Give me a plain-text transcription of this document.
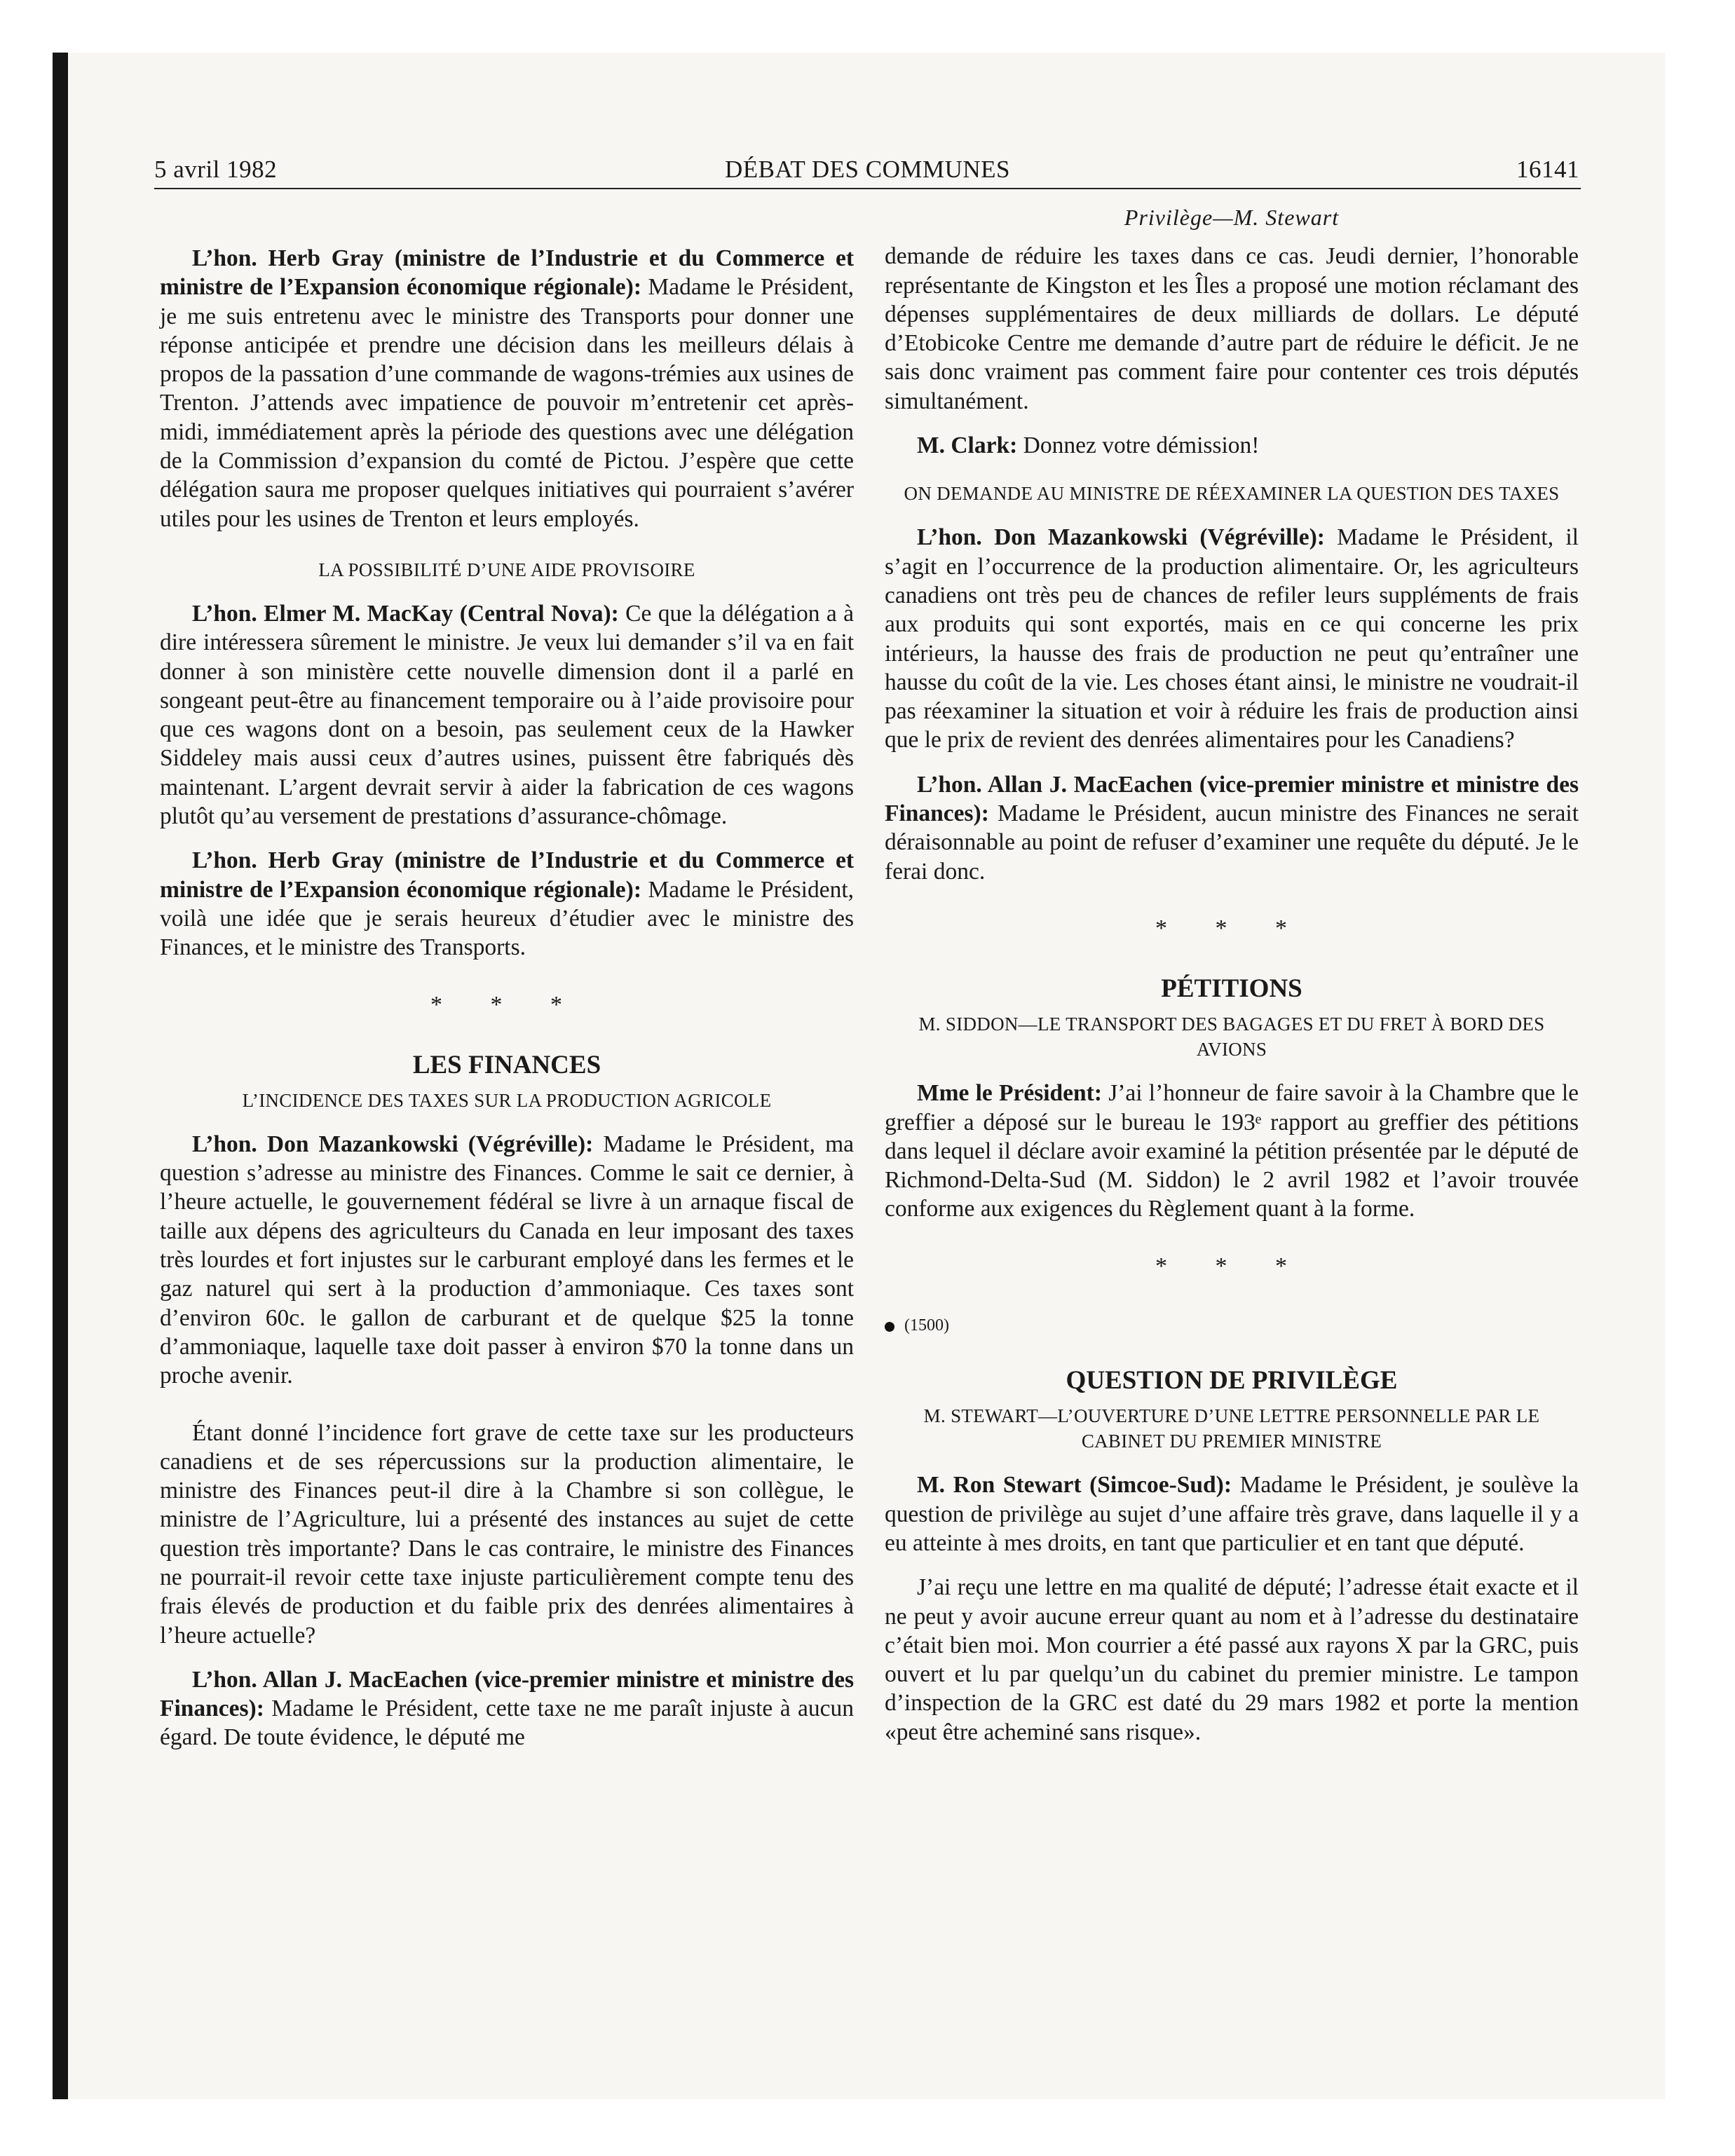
5 avril 1982	DÉBAT DES COMMUNES	16141

L’hon. Herb Gray (ministre de l’Industrie et du Commerce et ministre de l’Expansion économique régionale): Madame le Président, je me suis entretenu avec le ministre des Transports pour donner une réponse anticipée et prendre une décision dans les meilleurs délais à propos de la passation d’une commande de wagons-trémies aux usines de Trenton. J’attends avec impatience de pouvoir m’entretenir cet après-midi, immédiatement après la période des questions avec une délégation de la Commission d’expansion du comté de Pictou. J’espère que cette délégation saura me proposer quelques initiatives qui pourraient s’avérer utiles pour les usines de Trenton et leurs employés.

LA POSSIBILITÉ D’UNE AIDE PROVISOIRE

L’hon. Elmer M. MacKay (Central Nova): Ce que la délégation a à dire intéressera sûrement le ministre. Je veux lui demander s’il va en fait donner à son ministère cette nouvelle dimension dont il a parlé en songeant peut-être au financement temporaire ou à l’aide provisoire pour que ces wagons dont on a besoin, pas seulement ceux de la Hawker Siddeley mais aussi ceux d’autres usines, puissent être fabriqués dès maintenant. L’argent devrait servir à aider la fabrication de ces wagons plutôt qu’au versement de prestations d’assurance-chômage.

L’hon. Herb Gray (ministre de l’Industrie et du Commerce et ministre de l’Expansion économique régionale): Madame le Président, voilà une idée que je serais heureux d’étudier avec le ministre des Finances, et le ministre des Transports.

* * *
LES FINANCES
L’INCIDENCE DES TAXES SUR LA PRODUCTION AGRICOLE

L’hon. Don Mazankowski (Végréville): Madame le Président, ma question s’adresse au ministre des Finances. Comme le sait ce dernier, à l’heure actuelle, le gouvernement fédéral se livre à un arnaque fiscal de taille aux dépens des agriculteurs du Canada en leur imposant des taxes très lourdes et fort injustes sur le carburant employé dans les fermes et le gaz naturel qui sert à la production d’ammoniaque. Ces taxes sont d’environ 60c. le gallon de carburant et de quelque $25 la tonne d’ammoniaque, laquelle taxe doit passer à environ $70 la tonne dans un proche avenir.

Étant donné l’incidence fort grave de cette taxe sur les producteurs canadiens et de ses répercussions sur la production alimentaire, le ministre des Finances peut-il dire à la Chambre si son collègue, le ministre de l’Agriculture, lui a présenté des instances au sujet de cette question très importante? Dans le cas contraire, le ministre des Finances ne pourrait-il revoir cette taxe injuste particulièrement compte tenu des frais élevés de production et du faible prix des denrées alimentaires à l’heure actuelle?

L’hon. Allan J. MacEachen (vice-premier ministre et ministre des Finances): Madame le Président, cette taxe ne me paraît injuste à aucun égard. De toute évidence, le député me

Privilège—M. Stewart

demande de réduire les taxes dans ce cas. Jeudi dernier, l’honorable représentante de Kingston et les Îles a proposé une motion réclamant des dépenses supplémentaires de deux milliards de dollars. Le député d’Etobicoke Centre me demande d’autre part de réduire le déficit. Je ne sais donc vraiment pas comment faire pour contenter ces trois députés simultanément.

M. Clark: Donnez votre démission!

ON DEMANDE AU MINISTRE DE RÉEXAMINER LA QUESTION DES TAXES

L’hon. Don Mazankowski (Végréville): Madame le Président, il s’agit en l’occurrence de la production alimentaire. Or, les agriculteurs canadiens ont très peu de chances de refiler leurs suppléments de frais aux produits qui sont exportés, mais en ce qui concerne les prix intérieurs, la hausse des frais de production ne peut qu’entraîner une hausse du coût de la vie. Les choses étant ainsi, le ministre ne voudrait-il pas réexaminer la situation et voir à réduire les frais de production ainsi que le prix de revient des denrées alimentaires pour les Canadiens?

L’hon. Allan J. MacEachen (vice-premier ministre et ministre des Finances): Madame le Président, aucun ministre des Finances ne serait déraisonnable au point de refuser d’examiner une requête du député. Je le ferai donc.

* * *
PÉTITIONS
M. SIDDON—LE TRANSPORT DES BAGAGES ET DU FRET À BORD DES AVIONS

Mme le Président: J’ai l’honneur de faire savoir à la Chambre que le greffier a déposé sur le bureau le 193ᵉ rapport au greffier des pétitions dans lequel il déclare avoir examiné la pétition présentée par le député de Richmond-Delta-Sud (M. Siddon) le 2 avril 1982 et l’avoir trouvée conforme aux exigences du Règlement quant à la forme.

* * *
(1500)
QUESTION DE PRIVILÈGE
M. STEWART—L’OUVERTURE D’UNE LETTRE PERSONNELLE PAR LE CABINET DU PREMIER MINISTRE

M. Ron Stewart (Simcoe-Sud): Madame le Président, je soulève la question de privilège au sujet d’une affaire très grave, dans laquelle il y a eu atteinte à mes droits, en tant que particulier et en tant que député.

J’ai reçu une lettre en ma qualité de député; l’adresse était exacte et il ne peut y avoir aucune erreur quant au nom et à l’adresse du destinataire c’était bien moi. Mon courrier a été passé aux rayons X par la GRC, puis ouvert et lu par quelqu’un du cabinet du premier ministre. Le tampon d’inspection de la GRC est daté du 29 mars 1982 et porte la mention «peut être acheminé sans risque».
